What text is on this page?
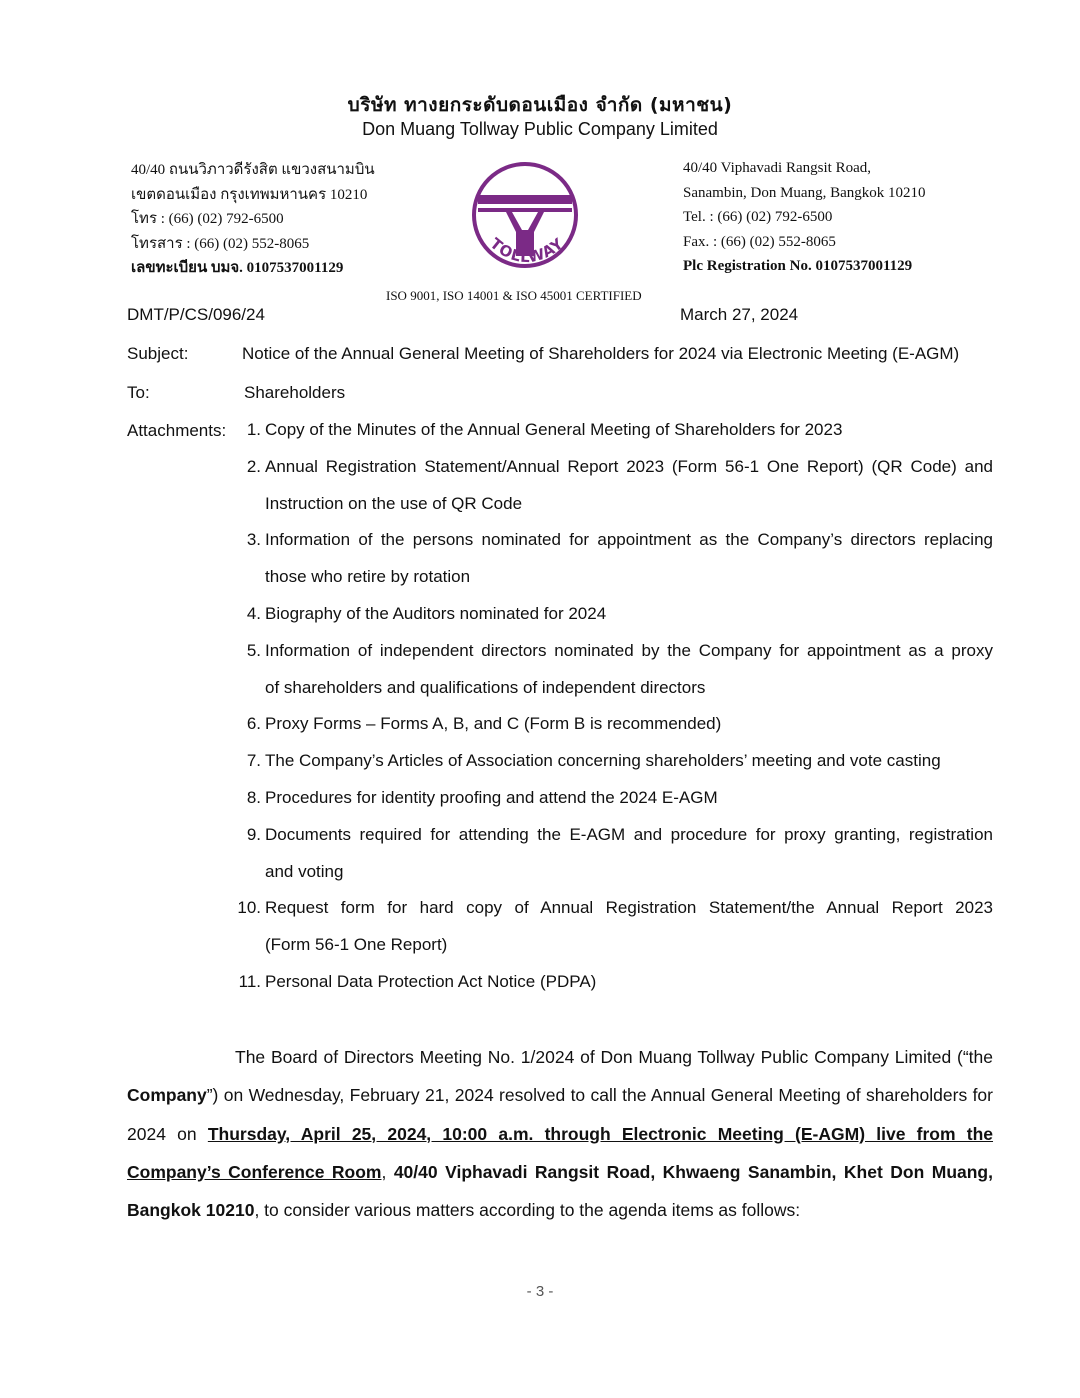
บริษัท ทางยกระดับดอนเมือง จำกัด (มหาชน)
Don Muang Tollway Public Company Limited
40/40 ถนนวิภาวดีรังสิต แขวงสนามบิน
เขตดอนเมือง กรุงเทพมหานคร 10210
โทร : (66) (02) 792-6500
โทรสาร : (66) (02) 552-8065
เลขทะเบียน บมจ. 0107537001129
TOLLWAY
40/40 Viphavadi Rangsit Road,
Sanambin, Don Muang, Bangkok 10210
Tel. : (66) (02) 792-6500
Fax. : (66) (02) 552-8065
Plc Registration No. 0107537001129
ISO 9001, ISO 14001 & ISO 45001 CERTIFIED
DMT/P/CS/096/24	March 27, 2024
Subject:	Notice of the Annual General Meeting of Shareholders for 2024 via Electronic Meeting (E-AGM)
To:	Shareholders
Attachments:	1. Copy of the Minutes of the Annual General Meeting of Shareholders for 2023
2. Annual Registration Statement/Annual Report 2023 (Form 56-1 One Report) (QR Code) and
Instruction on the use of QR Code
3. Information of the persons nominated for appointment as the Company’s directors replacing
those who retire by rotation
4. Biography of the Auditors nominated for 2024
5. Information of independent directors nominated by the Company for appointment as a proxy
of shareholders and qualifications of independent directors
6. Proxy Forms – Forms A, B, and C (Form B is recommended)
7. The Company’s Articles of Association concerning shareholders’ meeting and vote casting
8. Procedures for identity proofing and attend the 2024 E-AGM
9. Documents required for attending the E-AGM and procedure for proxy granting, registration
and voting
10. Request form for hard copy of Annual Registration Statement/the Annual Report 2023
(Form 56-1 One Report)
11. Personal Data Protection Act Notice (PDPA)
The Board of Directors Meeting No. 1/2024 of Don Muang Tollway Public Company Limited (“the Company”) on Wednesday, February 21, 2024 resolved to call the Annual General Meeting of shareholders for 2024 on Thursday, April 25, 2024, 10:00 a.m. through Electronic Meeting (E-AGM) live from the Company’s Conference Room, 40/40 Viphavadi Rangsit Road, Khwaeng Sanambin, Khet Don Muang, Bangkok 10210, to consider various matters according to the agenda items as follows:
- 3 -
